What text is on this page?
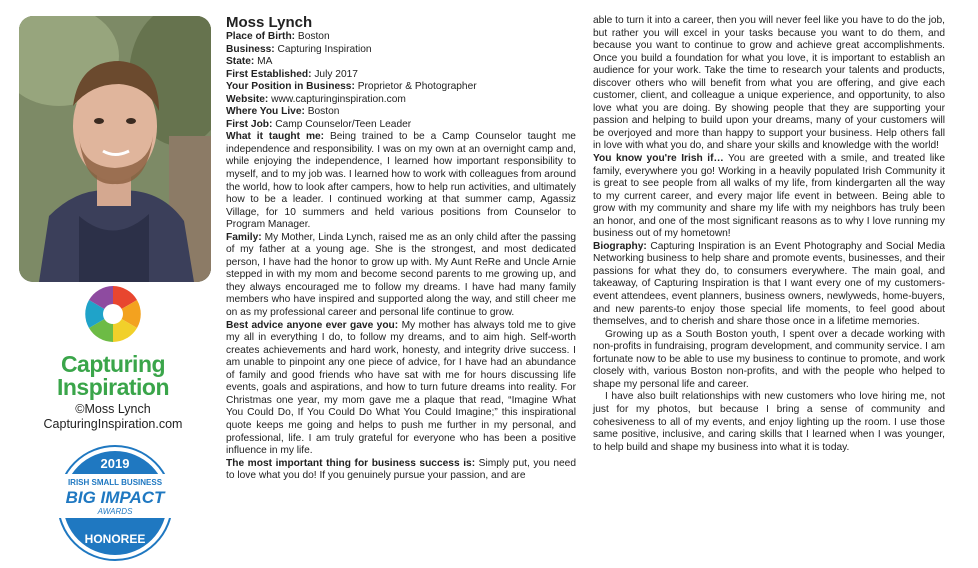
Capturing
Inspiration
©Moss Lynch
CapturingInspiration.com
2019
IRISH SMALL BUSINESS
BIG IMPACT
AWARDS
HONOREE
Moss Lynch
Place of Birth: Boston
Business: Capturing Inspiration
State: MA
First Established: July 2017
Your Position in Business: Proprietor & Photographer
Website: www.capturinginspiration.com
Where You Live: Boston
First Job: Camp Counselor/Teen Leader

What it taught me: Being trained to be a Camp Counselor taught me independence and responsibility. I was on my own at an overnight camp and, while enjoying the independence, I learned how important responsibility to myself, and to my job was. I learned how to work with colleagues from around the world, how to look after campers, how to help run activities, and ultimately how to be a leader. I continued working at that summer camp, Agassiz Village, for 10 summers and held various positions from Counselor to Program Manager.

Family: My Mother, Linda Lynch, raised me as an only child after the passing of my father at a young age. She is the strongest, and most dedicated person, I have had the honor to grow up with. My Aunt ReRe and Uncle Arnie stepped in with my mom and become second parents to me growing up, and they always encouraged me to follow my dreams. I have had many family members who have inspired and supported along the way, and still cheer me on as my professional career and personal life continue to grow.

Best advice anyone ever gave you: My mother has always told me to give my all in everything I do, to follow my dreams, and to aim high. Self-worth creates achievements and hard work, honesty, and integrity drive success. I am unable to pinpoint any one piece of advice, for I have had an abundance of family and good friends who have sat with me for hours discussing life events, goals and aspirations, and how to turn future dreams into reality. For Christmas one year, my mom gave me a plaque that read, “Imagine What You Could Do, If You Could Do What You Could Imagine;” this inspirational quote keeps me going and helps to push me further in my personal, and professional, life. I am truly grateful for everyone who has been a positive influence in my life.

The most important thing for business success is: Simply put, you need to love what you do! If you genuinely pursue your passion, and are

able to turn it into a career, then you will never feel like you have to do the job, but rather you will excel in your tasks because you want to do them, and because you want to continue to grow and achieve great accomplishments. Once you build a foundation for what you love, it is important to establish an audience for your work. Take the time to research your talents and products, discover others who will benefit from what you are offering, and give each customer, client, and colleague a unique experience, and opportunity, to also love what you are doing. By showing people that they are supporting your passion and helping to build upon your dreams, many of your customers will be overjoyed and more than happy to support your business. Help others fall in love with what you do, and share your skills and knowledge with the world!

You know you're Irish if… You are greeted with a smile, and treated like family, everywhere you go! Working in a heavily populated Irish Community it is great to see people from all walks of my life, from kindergarten all the way to my current career, and every major life event in between. Being able to grow with my community and share my life with my neighbors has truly been an honor, and one of the most significant reasons as to why I love running my business out of my hometown!

Biography: Capturing Inspiration is an Event Photography and Social Media Networking business to help share and promote events, businesses, and their passions for what they do, to consumers everywhere. The main goal, and takeaway, of Capturing Inspiration is that I want every one of my customers-event attendees, event planners, business owners, newlyweds, home-buyers, and new parents-to enjoy those special life moments, to feel good about themselves, and to cherish and share those once in a lifetime memories.

Growing up as a South Boston youth, I spent over a decade working with non-profits in fundraising, program development, and community service. I am fortunate now to be able to use my business to continue to promote, and work closely with, various Boston non-profits, and with the people who helped to shape my personal life and career.

I have also built relationships with new customers who love hiring me, not just for my photos, but because I bring a sense of community and cohesiveness to all of my events, and enjoy lighting up the room. I use those same positive, inclusive, and caring skills that I learned when I was younger, to help build and shape my business into what it is today.
